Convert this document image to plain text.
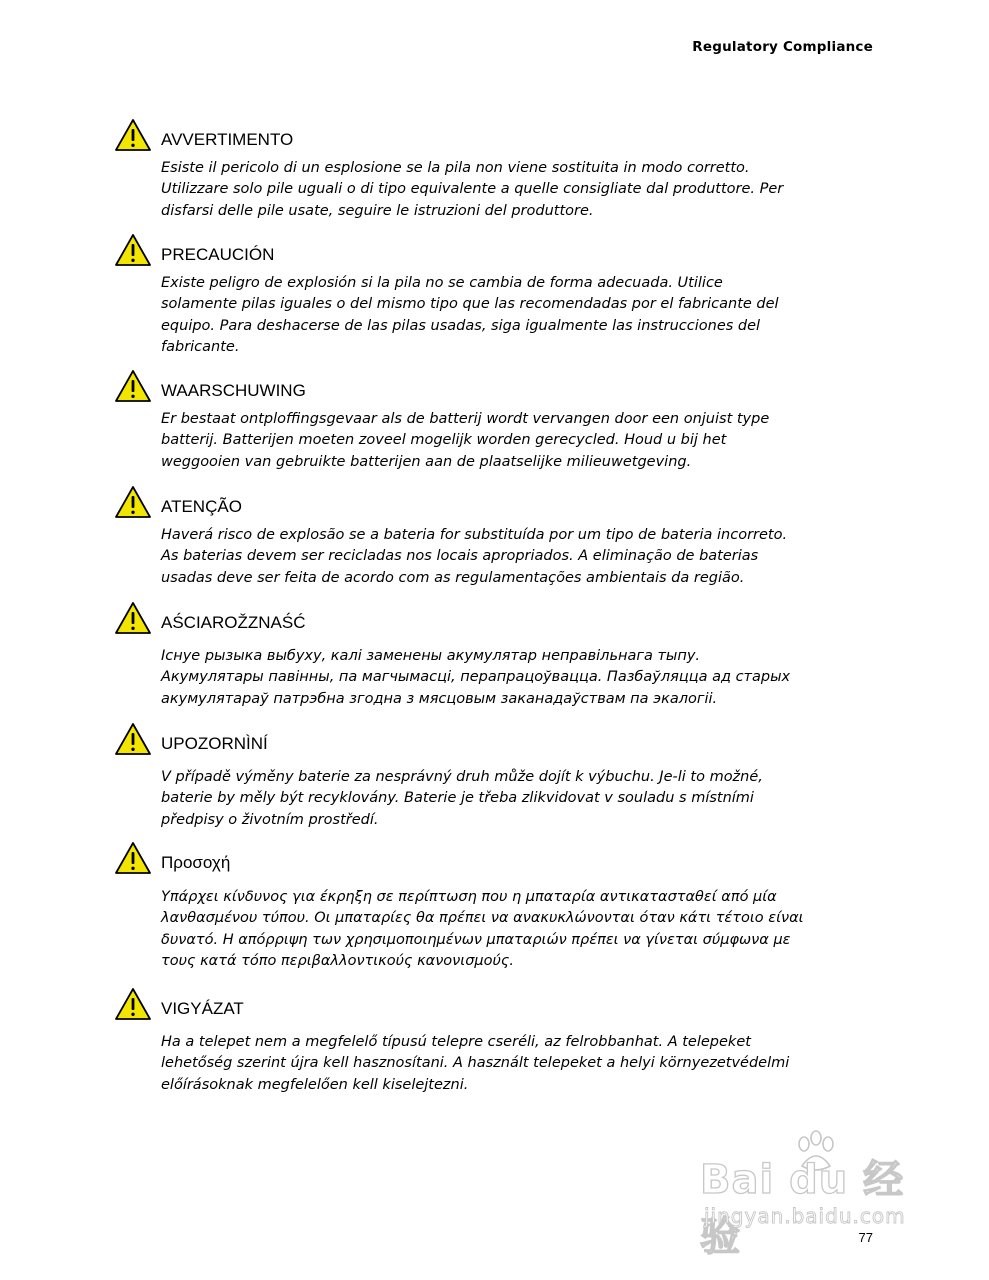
Regulatory Compliance
AVVERTIMENTO

Esiste il pericolo di un esplosione se la pila non viene sostituita in modo corretto.
Utilizzare solo pile uguali o di tipo equivalente a quelle consigliate dal produttore. Per
disfarsi delle pile usate, seguire le istruzioni del produttore.

PRECAUCIÓN

Existe peligro de explosión si la pila no se cambia de forma adecuada. Utilice
solamente pilas iguales o del mismo tipo que las recomendadas por el fabricante del
equipo. Para deshacerse de las pilas usadas, siga igualmente las instrucciones del
fabricante.

WAARSCHUWING

Er bestaat ontploffingsgevaar als de batterij wordt vervangen door een onjuist type
batterij. Batterijen moeten zoveel mogelijk worden gerecycled. Houd u bij het
weggooien van gebruikte batterijen aan de plaatselijke milieuwetgeving.

ATENÇÃO

Haverá risco de explosão se a bateria for substituída por um tipo de bateria incorreto.
As baterias devem ser recicladas nos locais apropriados. A eliminação de baterias
usadas deve ser feita de acordo com as regulamentações ambientais da região.

AŚCIAROŽZNAŚĆ

Існуе рызыка выбуху, калі заменены акумулятар неправільнага тыпу.
Акумулятары павінны, па магчымасці, перапрацоўвацца. Пазбаўляцца ад старых
акумулятараў патрэбна згодна з мясцовым заканадаўствам па экалогіі.

UPOZORNÌNÍ

V případě výměny baterie za nesprávný druh může dojít k výbuchu. Je-li to možné,
baterie by měly být recyklovány. Baterie je třeba zlikvidovat v souladu s místními
předpisy o životním prostředí.

Προσοχή

Υπάρχει κίνδυνος για έκρηξη σε περίπτωση που η μπαταρία αντικατασταθεί από μία
λανθασμένου τύπου. Οι μπαταρίες θα πρέπει να ανακυκλώνονται όταν κάτι τέτοιο είναι
δυνατό. Η απόρριψη των χρησιμοποιημένων μπαταριών πρέπει να γίνεται σύμφωνα με
τους κατά τόπο περιβαλλοντικούς κανονισμούς.

VIGYÁZAT

Ha a telepet nem a megfelelő típusú telepre cseréli, az felrobbanhat. A telepeket
lehetőség szerint újra kell hasznosítani. A használt telepeket a helyi környezetvédelmi
előírásoknak megfelelően kell kiselejtezni.

Bai du 经验
jingyan.baidu.com
77
